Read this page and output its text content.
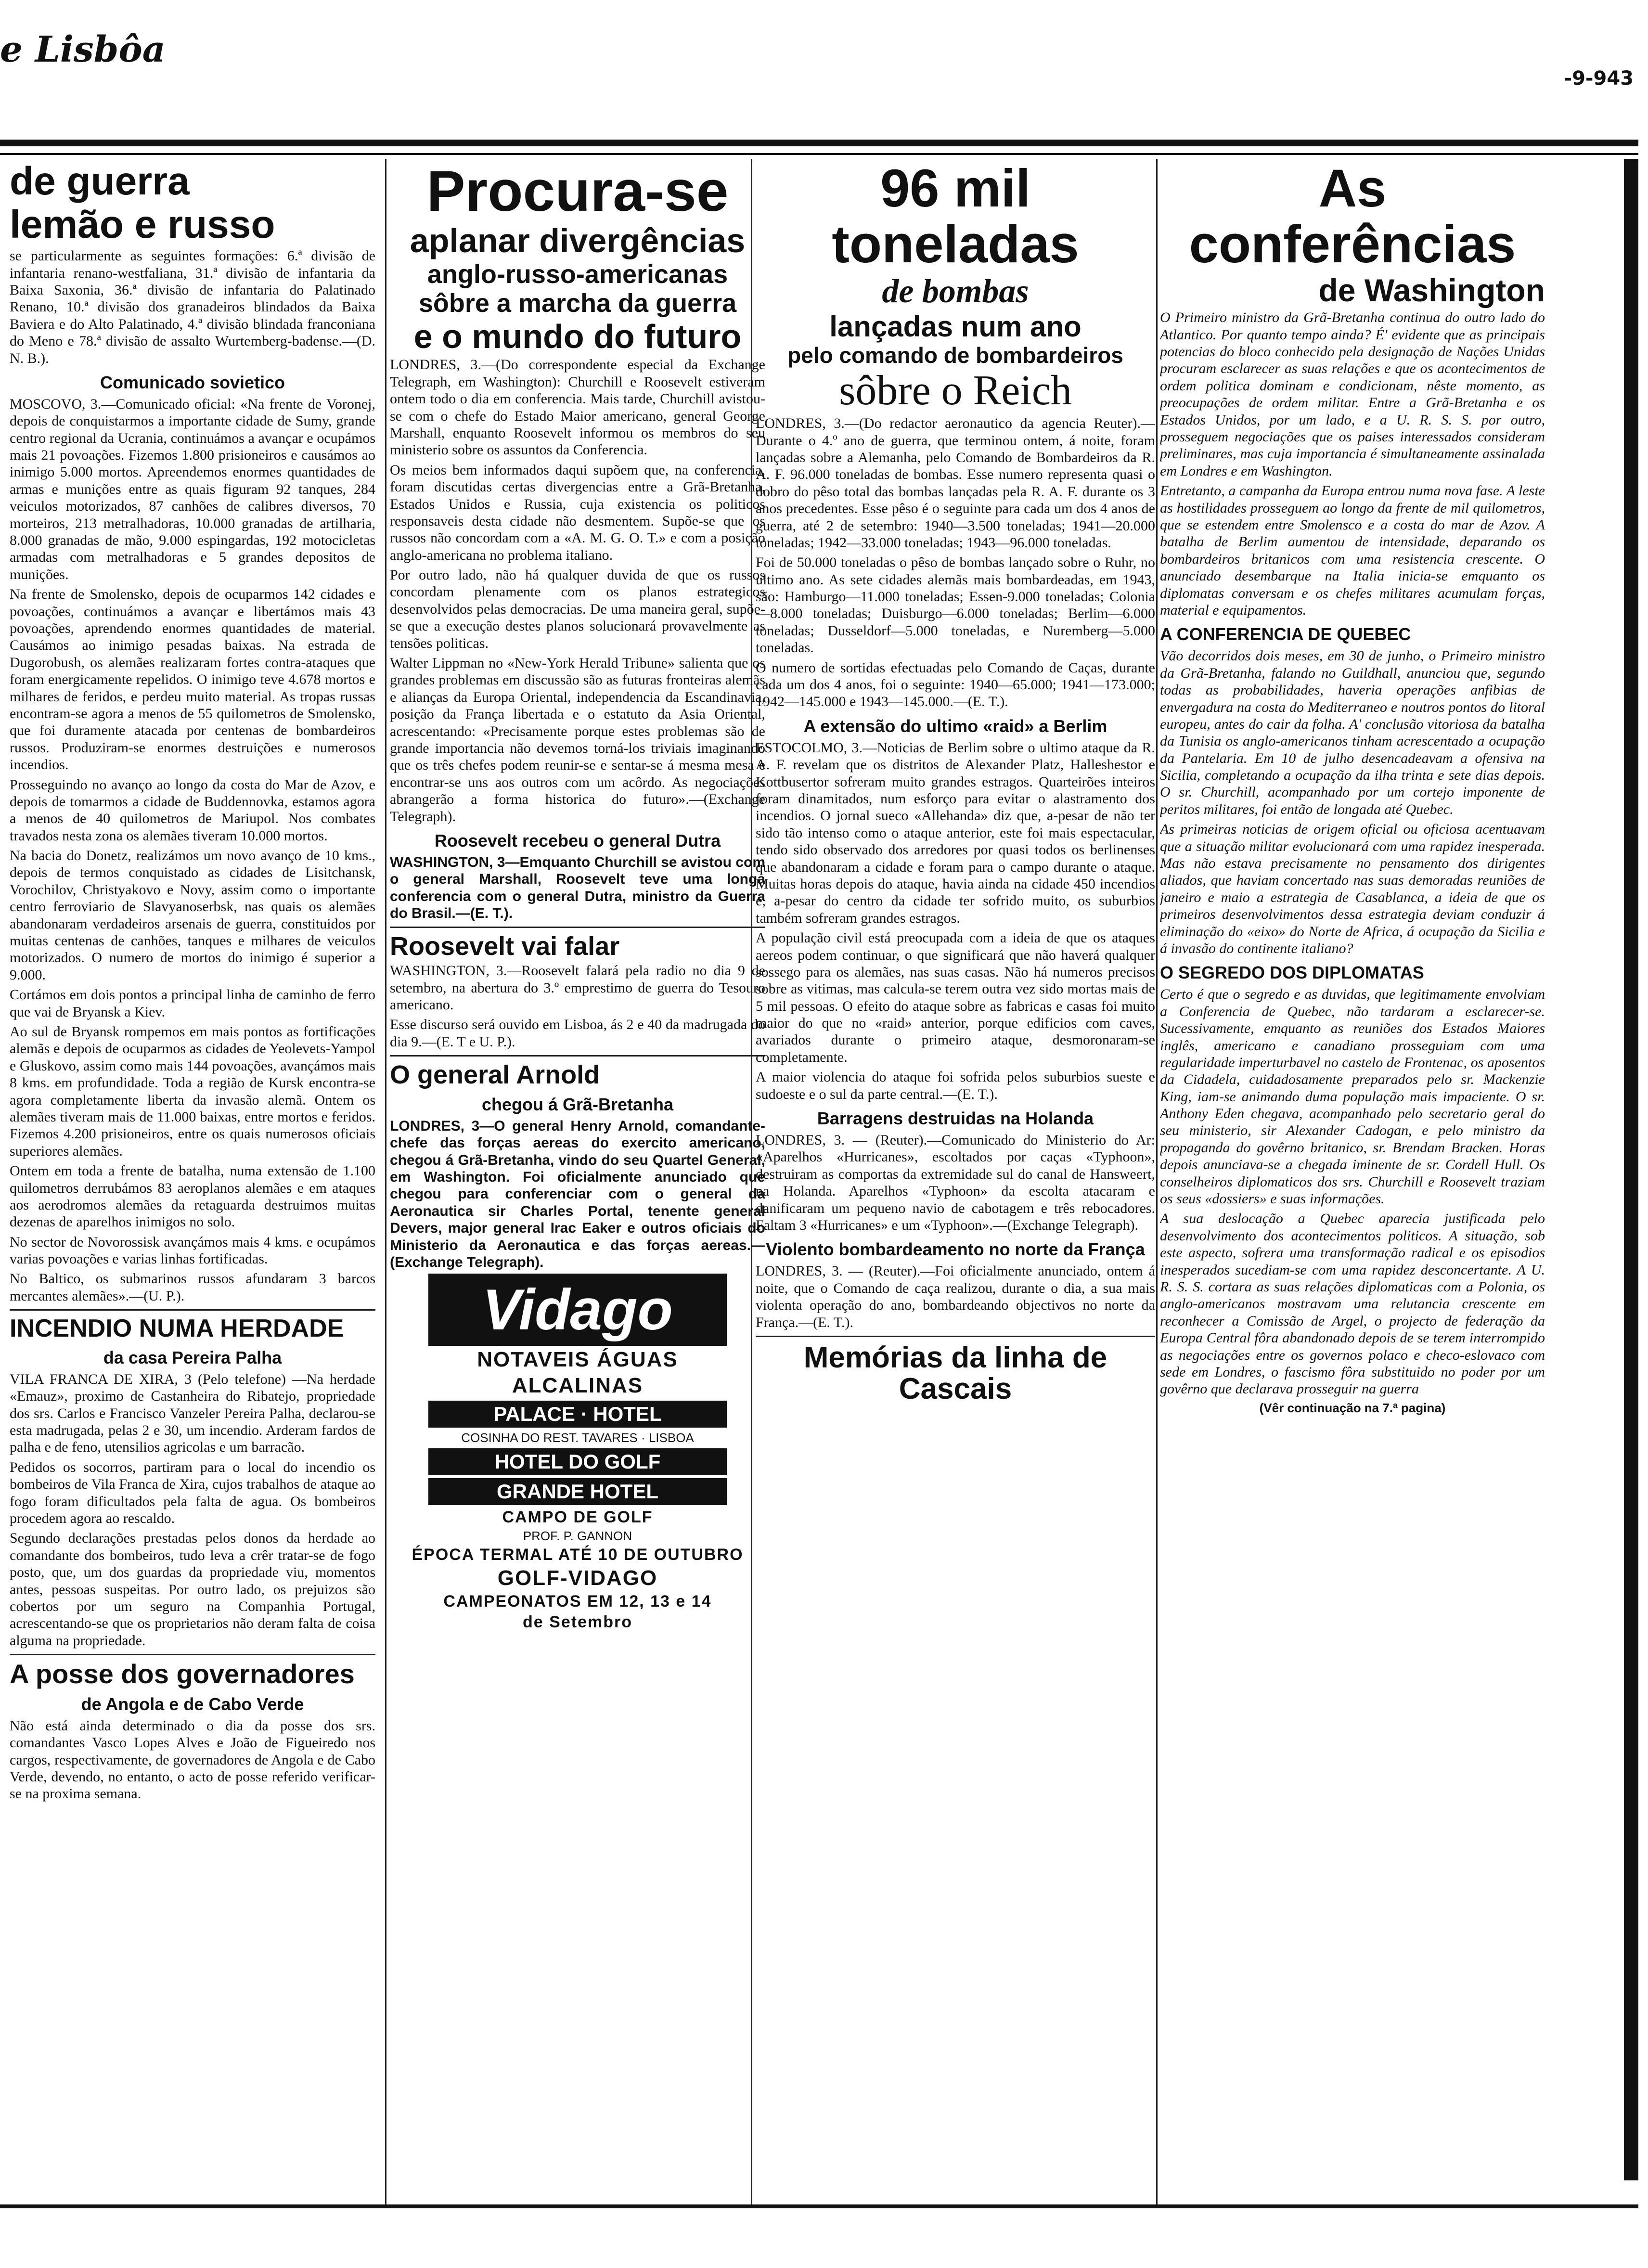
e Lisbôa
-9-943
de guerra
lemão e russo

se particularmente as seguintes formações: 6.ª divisão de infantaria renano-westfaliana, 31.ª divisão de infantaria da Baixa Saxonia, 36.ª divisão de infantaria do Palatinado Renano, 10.ª divisão dos granadeiros blindados da Baixa Baviera e do Alto Palatinado, 4.ª divisão blindada franconiana do Meno e 78.ª divisão de assalto Wurtemberg-badense.—(D. N. B.).

Comunicado sovietico

MOSCOVO, 3.—Comunicado oficial: «Na frente de Voronej, depois de conquistarmos a importante cidade de Sumy, grande centro regional da Ucrania, continuámos a avançar e ocupámos mais 21 povoações. Fizemos 1.800 prisioneiros e causámos ao inimigo 5.000 mortos. Apreendemos enormes quantidades de armas e munições entre as quais figuram 92 tanques, 284 veiculos motorizados, 87 canhões de calibres diversos, 70 morteiros, 213 metralhadoras, 10.000 granadas de artilharia, 8.000 granadas de mão, 9.000 espingardas, 192 motocicletas armadas com metralhadoras e 5 grandes depositos de munições.

Na frente de Smolensko, depois de ocuparmos 142 cidades e povoações, continuámos a avançar e libertámos mais 43 povoações, aprendendo enormes quantidades de material. Causámos ao inimigo pesadas baixas. Na estrada de Dugorobush, os alemães realizaram fortes contra-ataques que foram energicamente repelidos. O inimigo teve 4.678 mortos e milhares de feridos, e perdeu muito material. As tropas russas encontram-se agora a menos de 55 quilometros de Smolensko, que foi duramente atacada por centenas de bombardeiros russos. Produziram-se enormes destruições e numerosos incendios.

Prosseguindo no avanço ao longo da costa do Mar de Azov, e depois de tomarmos a cidade de Buddennovka, estamos agora a menos de 40 quilometros de Mariupol. Nos combates travados nesta zona os alemães tiveram 10.000 mortos.

Na bacia do Donetz, realizámos um novo avanço de 10 kms., depois de termos conquistado as cidades de Lisitchansk, Vorochilov, Christyakovo e Novy, assim como o importante centro ferroviario de Slavyanoserbsk, nas quais os alemães abandonaram verdadeiros arsenais de guerra, constituidos por muitas centenas de canhões, tanques e milhares de veiculos motorizados. O numero de mortos do inimigo é superior a 9.000.

Cortámos em dois pontos a principal linha de caminho de ferro que vai de Bryansk a Kiev.

Ao sul de Bryansk rompemos em mais pontos as fortificações alemãs e depois de ocuparmos as cidades de Yeolevets-Yampol e Gluskovo, assim como mais 144 povoações, avançámos mais 8 kms. em profundidade. Toda a região de Kursk encontra-se agora completamente liberta da invasão alemã. Ontem os alemães tiveram mais de 11.000 baixas, entre mortos e feridos. Fizemos 4.200 prisioneiros, entre os quais numerosos oficiais superiores alemães.

Ontem em toda a frente de batalha, numa extensão de 1.100 quilometros derrubámos 83 aeroplanos alemães e em ataques aos aerodromos alemães da retaguarda destruimos muitas dezenas de aparelhos inimigos no solo.

No sector de Novorossisk avançámos mais 4 kms. e ocupámos varias povoações e varias linhas fortificadas.

No Baltico, os submarinos russos afundaram 3 barcos mercantes alemães».—(U. P.).

INCENDIO NUMA HERDADE
da casa Pereira Palha

VILA FRANCA DE XIRA, 3 (Pelo telefone) —Na herdade «Emauz», proximo de Castanheira do Ribatejo, propriedade dos srs. Carlos e Francisco Vanzeler Pereira Palha, declarou-se esta madrugada, pelas 2 e 30, um incendio. Arderam fardos de palha e de feno, utensilios agricolas e um barracão.

Pedidos os socorros, partiram para o local do incendio os bombeiros de Vila Franca de Xira, cujos trabalhos de ataque ao fogo foram dificultados pela falta de agua. Os bombeiros procedem agora ao rescaldo.

Segundo declarações prestadas pelos donos da herdade ao comandante dos bombeiros, tudo leva a crêr tratar-se de fogo posto, que, um dos guardas da propriedade viu, momentos antes, pessoas suspeitas. Por outro lado, os prejuizos são cobertos por um seguro na Companhia Portugal, acrescentando-se que os proprietarios não deram falta de coisa alguma na propriedade.

A posse dos governadores
de Angola e de Cabo Verde

Não está ainda determinado o dia da posse dos srs. comandantes Vasco Lopes Alves e João de Figueiredo nos cargos, respectivamente, de governadores de Angola e de Cabo Verde, devendo, no entanto, o acto de posse referido verificar-se na proxima semana.

Procura-se
aplanar divergências
anglo-russo-americanas
sôbre a marcha da guerra
e o mundo do futuro

LONDRES, 3.—(Do correspondente especial da Exchange Telegraph, em Washington): Churchill e Roosevelt estiveram ontem todo o dia em conferencia. Mais tarde, Churchill avistou-se com o chefe do Estado Maior americano, general George Marshall, enquanto Roosevelt informou os membros do seu ministerio sobre os assuntos da Conferencia.

Os meios bem informados daqui supõem que, na conferencia, foram discutidas certas divergencias entre a Grã-Bretanha, Estados Unidos e Russia, cuja existencia os politicos responsaveis desta cidade não desmentem. Supõe-se que os russos não concordam com a «A. M. G. O. T.» e com a posição anglo-americana no problema italiano.

Por outro lado, não há qualquer duvida de que os russos concordam plenamente com os planos estrategicos desenvolvidos pelas democracias. De uma maneira geral, supõe-se que a execução destes planos solucionará provavelmente as tensões politicas.

Walter Lippman no «New-York Herald Tribune» salienta que os grandes problemas em discussão são as futuras fronteiras alemãs e alianças da Europa Oriental, independencia da Escandinavia, posição da França libertada e o estatuto da Asia Oriental, acrescentando: «Precisamente porque estes problemas são de grande importancia não devemos torná-los triviais imaginando que os três chefes podem reunir-se e sentar-se á mesma mesa e encontrar-se uns aos outros com um acôrdo. As negociações abrangerão a forma historica do futuro».—(Exchange Telegraph).

Roosevelt recebeu o general Dutra
WASHINGTON, 3—Emquanto Churchill se avistou com o general Marshall, Roosevelt teve uma longa conferencia com o general Dutra, ministro da Guerra do Brasil.—(E. T.).
Roosevelt vai falar

WASHINGTON, 3.—Roosevelt falará pela radio no dia 9 de setembro, na abertura do 3.º emprestimo de guerra do Tesouro americano.

Esse discurso será ouvido em Lisboa, ás 2 e 40 da madrugada do dia 9.—(E. T e U. P.).

O general Arnold
chegou á Grã-Bretanha
LONDRES, 3—O general Henry Arnold, comandante-chefe das forças aereas do exercito americano, chegou á Grã-Bretanha, vindo do seu Quartel General, em Washington. Foi oficialmente anunciado que chegou para conferenciar com o general da Aeronautica sir Charles Portal, tenente general Devers, major general Irac Eaker e outros oficiais do Ministerio da Aeronautica e das forças aereas.—(Exchange Telegraph).
Vidago
NOTAVEIS ÁGUAS
ALCALINAS
PALACE · HOTEL
COSINHA DO REST. TAVARES · LISBOA
HOTEL DO GOLF
GRANDE HOTEL
CAMPO DE GOLF
PROF. P. GANNON
ÉPOCA TERMAL ATÉ 10 DE OUTUBRO
GOLF-VIDAGO
CAMPEONATOS EM 12, 13 e 14
de Setembro
96 mil toneladas
de bombas
lançadas num ano
pelo comando de bombardeiros
sôbre o Reich

LONDRES, 3.—(Do redactor aeronautico da agencia Reuter).—Durante o 4.º ano de guerra, que terminou ontem, á noite, foram lançadas sobre a Alemanha, pelo Comando de Bombardeiros da R. A. F. 96.000 toneladas de bombas. Esse numero representa quasi o dobro do pêso total das bombas lançadas pela R. A. F. durante os 3 anos precedentes. Esse pêso é o seguinte para cada um dos 4 anos de guerra, até 2 de setembro: 1940—3.500 toneladas; 1941—20.000 toneladas; 1942—33.000 toneladas; 1943—96.000 toneladas.

Foi de 50.000 toneladas o pêso de bombas lançado sobre o Ruhr, no ultimo ano. As sete cidades alemãs mais bombardeadas, em 1943, são: Hamburgo—11.000 toneladas; Essen-9.000 toneladas; Colonia—8.000 toneladas; Duisburgo—6.000 toneladas; Berlim—6.000 toneladas; Dusseldorf—5.000 toneladas, e Nuremberg—5.000 toneladas.

O numero de sortidas efectuadas pelo Comando de Caças, durante cada um dos 4 anos, foi o seguinte: 1940—65.000; 1941—173.000; 1942—145.000 e 1943—145.000.—(E. T.).

A extensão do ultimo «raid» a Berlim

ESTOCOLMO, 3.—Noticias de Berlim sobre o ultimo ataque da R. A. F. revelam que os distritos de Alexander Platz, Halleshestor e Kottbusertor sofreram muito grandes estragos. Quarteirões inteiros foram dinamitados, num esforço para evitar o alastramento dos incendios. O jornal sueco «Allehanda» diz que, a-pesar de não ter sido tão intenso como o ataque anterior, este foi mais espectacular, tendo sido observado dos arredores por quasi todos os berlinenses que abandonaram a cidade e foram para o campo durante o ataque. Muitas horas depois do ataque, havia ainda na cidade 450 incendios e, a-pesar do centro da cidade ter sofrido muito, os suburbios também sofreram grandes estragos.

A população civil está preocupada com a ideia de que os ataques aereos podem continuar, o que significará que não haverá qualquer sossego para os alemães, nas suas casas. Não há numeros precisos sobre as vitimas, mas calcula-se terem outra vez sido mortas mais de 5 mil pessoas. O efeito do ataque sobre as fabricas e casas foi muito maior do que no «raid» anterior, porque edificios com caves, avariados durante o primeiro ataque, desmoronaram-se completamente.

A maior violencia do ataque foi sofrida pelos suburbios sueste e sudoeste e o sul da parte central.—(E. T.).

Barragens destruidas na Holanda

LONDRES, 3. — (Reuter).—Comunicado do Ministerio do Ar: «Aparelhos «Hurricanes», escoltados por caças «Typhoon», destruiram as comportas da extremidade sul do canal de Hansweert, na Holanda. Aparelhos «Typhoon» da escolta atacaram e danificaram um pequeno navio de cabotagem e três rebocadores. Faltam 3 «Hurricanes» e um «Typhoon».—(Exchange Telegraph).

Violento bombardeamento no norte da França

LONDRES, 3. — (Reuter).—Foi oficialmente anunciado, ontem á noite, que o Comando de caça realizou, durante o dia, a sua mais violenta operação do ano, bombardeando objectivos no norte da França.—(E. T.).

Memórias da linha de Cascais
As conferências
de Washington

O Primeiro ministro da Grã-Bretanha continua do outro lado do Atlantico. Por quanto tempo ainda? É' evidente que as principais potencias do bloco conhecido pela designação de Nações Unidas procuram esclarecer as suas relações e que os acontecimentos de ordem politica dominam e condicionam, nêste momento, as preocupações de ordem militar. Entre a Grã-Bretanha e os Estados Unidos, por um lado, e a U. R. S. S. por outro, prosseguem negociações que os paises interessados consideram preliminares, mas cuja importancia é simultaneamente assinalada em Londres e em Washington.

Entretanto, a campanha da Europa entrou numa nova fase. A leste as hostilidades prosseguem ao longo da frente de mil quilometros, que se estendem entre Smolensco e a costa do mar de Azov. A batalha de Berlim aumentou de intensidade, deparando os bombardeiros britanicos com uma resistencia crescente. O anunciado desembarque na Italia inicia-se emquanto os diplomatas conversam e os chefes militares acumulam forças, material e equipamentos.

A CONFERENCIA DE QUEBEC

Vão decorridos dois meses, em 30 de junho, o Primeiro ministro da Grã-Bretanha, falando no Guildhall, anunciou que, segundo todas as probabilidades, haveria operações anfibias de envergadura na costa do Mediterraneo e noutros pontos do litoral europeu, antes do cair da folha. A' conclusão vitoriosa da batalha da Tunisia os anglo-americanos tinham acrescentado a ocupação da Pantelaria. Em 10 de julho desencadeavam a ofensiva na Sicilia, completando a ocupação da ilha trinta e sete dias depois. O sr. Churchill, acompanhado por um cortejo imponente de peritos militares, foi então de longada até Quebec.

As primeiras noticias de origem oficial ou oficiosa acentuavam que a situação militar evolucionará com uma rapidez inesperada. Mas não estava precisamente no pensamento dos dirigentes aliados, que haviam concertado nas suas demoradas reuniões de janeiro e maio a estrategia de Casablanca, a ideia de que os primeiros desenvolvimentos dessa estrategia deviam conduzir á eliminação do «eixo» do Norte de Africa, á ocupação da Sicilia e á invasão do continente italiano?

O SEGREDO DOS DIPLOMATAS

Certo é que o segredo e as duvidas, que legitimamente envolviam a Conferencia de Quebec, não tardaram a esclarecer-se. Sucessivamente, emquanto as reuniões dos Estados Maiores inglês, americano e canadiano prosseguiam com uma regularidade imperturbavel no castelo de Frontenac, os aposentos da Cidadela, cuidadosamente preparados pelo sr. Mackenzie King, iam-se animando duma população mais impaciente. O sr. Anthony Eden chegava, acompanhado pelo secretario geral do seu ministerio, sir Alexander Cadogan, e pelo ministro da propaganda do govêrno britanico, sr. Brendam Bracken. Horas depois anunciava-se a chegada iminente de sr. Cordell Hull. Os conselheiros diplomaticos dos srs. Churchill e Roosevelt traziam os seus «dossiers» e suas informações.

A sua deslocação a Quebec aparecia justificada pelo desenvolvimento dos acontecimentos politicos. A situação, sob este aspecto, sofrera uma transformação radical e os episodios inesperados sucediam-se com uma rapidez desconcertante. A U. R. S. S. cortara as suas relações diplomaticas com a Polonia, os anglo-americanos mostravam uma relutancia crescente em reconhecer a Comissão de Argel, o projecto de federação da Europa Central fôra abandonado depois de se terem interrompido as negociações entre os governos polaco e checo-eslovaco com sede em Londres, o fascismo fôra substituido no poder por um govêrno que declarava prosseguir na guerra

(Vêr continuação na 7.ª pagina)
